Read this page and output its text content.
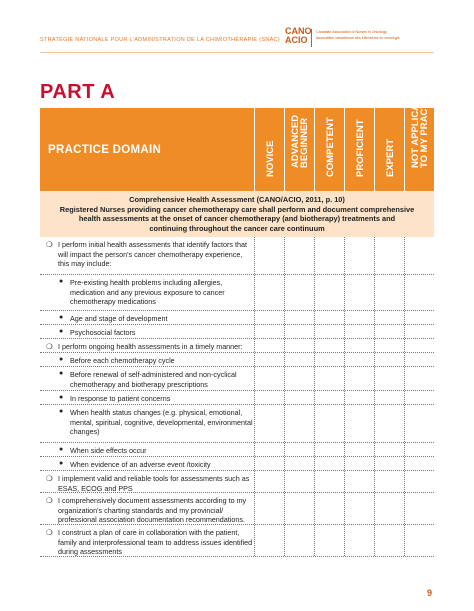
STRATÉGIE NATIONALE POUR L'ADMINISTRATION DE LA CHIMIOTHÉRAPIE (SNAC)
CANO
ACIO
Canadian Association of Nurses in Oncology
Association canadienne des infirmières en oncologie
PART A
PRACTICE DOMAIN	NOVICE ADVANCED
BEGINNER COMPETENT PROFICIENT EXPERT NOT APPLICABLE
TO MY PRACTICE
Comprehensive Health Assessment (CANO/ACIO, 2011, p. 10)
Registered Nurses providing cancer chemotherapy care shall perform and document comprehensive
health assessments at the onset of cancer chemotherapy (and biotherapy) treatments and
continuing throughout the cancer care continuum
❍ I perform initial health assessments that identify factors that will impact the person's cancer chemotherapy experience, this may include:
● Pre-existing health problems including allergies, medication and any previous exposure to cancer chemotherapy medications
● Age and stage of development
● Psychosocial factors
❍ I perform ongoing health assessments in a timely manner:
● Before each chemotherapy cycle
● Before renewal of self-administered and non-cyclical chemotherapy and biotherapy prescriptions
● In response to patient concerns
● When health status changes (e.g. physical, emotional, mental, spiritual, cognitive, developmental, environmental changes)
● When side effects occur
● When evidence of an adverse event /toxicity
❍ I implement valid and reliable tools for assessments such as ESAS, ECOG and PPS
❍ I comprehensively document assessments according to my organization's charting standards and my provincial/ professional association documentation recommendations.
❍ I construct a plan of care in collaboration with the patient, family and interprofessional team to address issues identified during assessments
9
